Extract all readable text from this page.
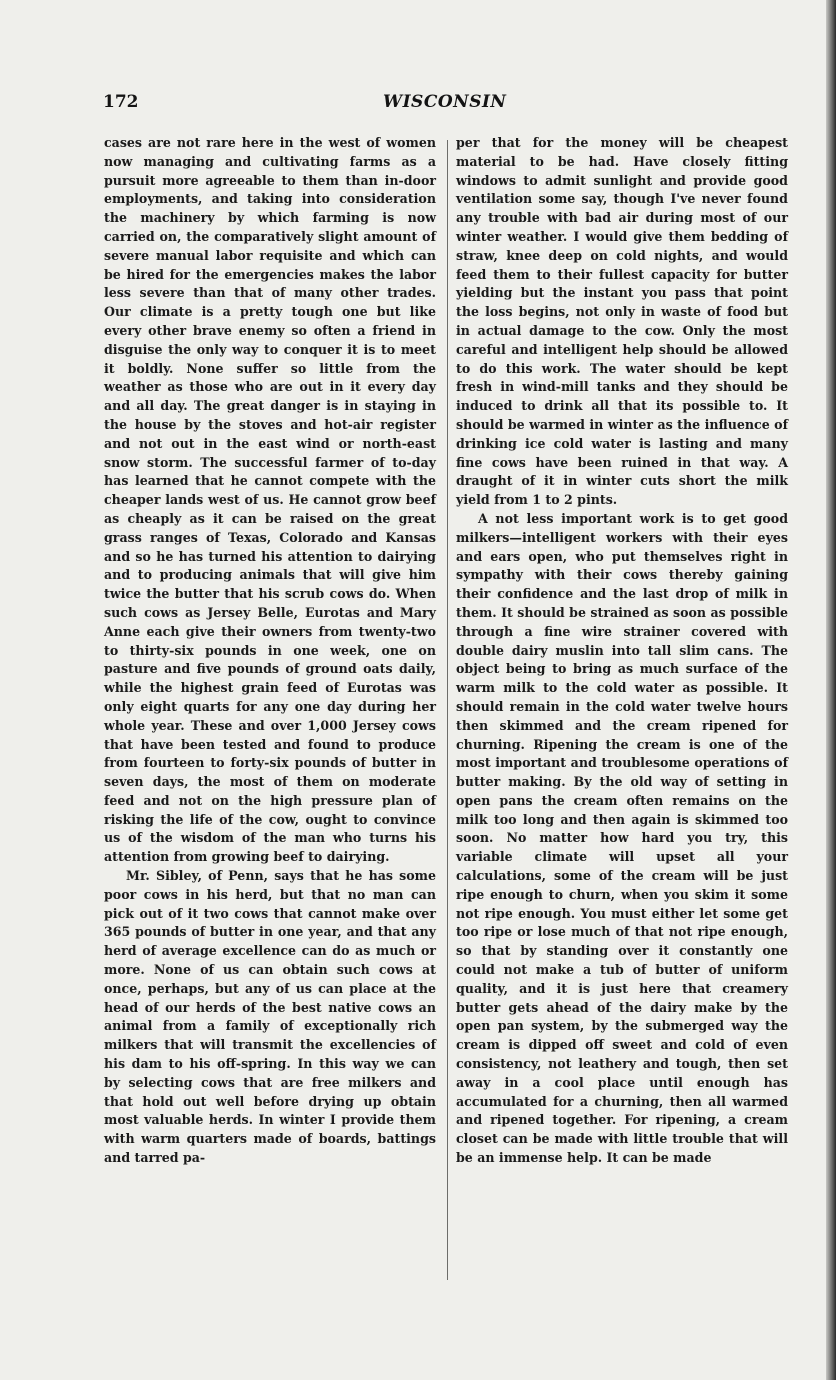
172	WISCONSIN

cases are not rare here in the west of women now managing and cultivating farms as a pursuit more agreeable to them than in-door employments, and taking into consideration the machinery by which farming is now carried on, the comparatively slight amount of severe manual labor requisite and which can be hired for the emergencies makes the labor less severe than that of many other trades. Our climate is a pretty tough one but like every other brave enemy so often a friend in disguise the only way to conquer it is to meet it boldly. None suffer so little from the weather as those who are out in it every day and all day. The great danger is in staying in the house by the stoves and hot-air register and not out in the east wind or north-east snow storm. The successful farmer of to-day has learned that he cannot compete with the cheaper lands west of us. He cannot grow beef as cheaply as it can be raised on the great grass ranges of Texas, Colorado and Kansas and so he has turned his attention to dairying and to producing animals that will give him twice the butter that his scrub cows do. When such cows as Jersey Belle, Eurotas and Mary Anne each give their owners from twenty-two to thirty-six pounds in one week, one on pasture and five pounds of ground oats daily, while the highest grain feed of Eurotas was only eight quarts for any one day during her whole year. These and over 1,000 Jersey cows that have been tested and found to produce from fourteen to forty-six pounds of butter in seven days, the most of them on moderate feed and not on the high pressure plan of risking the life of the cow, ought to convince us of the wisdom of the man who turns his attention from growing beef to dairying.

Mr. Sibley, of Penn, says that he has some poor cows in his herd, but that no man can pick out of it two cows that cannot make over 365 pounds of butter in one year, and that any herd of average excellence can do as much or more. None of us can obtain such cows at once, perhaps, but any of us can place at the head of our herds of the best native cows an animal from a family of exceptionally rich milkers that will transmit the excellencies of his dam to his off-spring. In this way we can by selecting cows that are free milkers and that hold out well before drying up obtain most valuable herds. In winter I provide them with warm quarters made of boards, battings and tarred pa-

per that for the money will be cheapest material to be had. Have closely fitting windows to admit sunlight and provide good ventilation some say, though I've never found any trouble with bad air during most of our winter weather. I would give them bedding of straw, knee deep on cold nights, and would feed them to their fullest capacity for butter yielding but the instant you pass that point the loss begins, not only in waste of food but in actual damage to the cow. Only the most careful and intelligent help should be allowed to do this work. The water should be kept fresh in wind-mill tanks and they should be induced to drink all that its possible to. It should be warmed in winter as the influence of drinking ice cold water is lasting and many fine cows have been ruined in that way. A draught of it in winter cuts short the milk yield from 1 to 2 pints.

A not less important work is to get good milkers—intelligent workers with their eyes and ears open, who put themselves right in sympathy with their cows thereby gaining their confidence and the last drop of milk in them. It should be strained as soon as possible through a fine wire strainer covered with double dairy muslin into tall slim cans. The object being to bring as much surface of the warm milk to the cold water as possible. It should remain in the cold water twelve hours then skimmed and the cream ripened for churning. Ripening the cream is one of the most important and troublesome operations of butter making. By the old way of setting in open pans the cream often remains on the milk too long and then again is skimmed too soon. No matter how hard you try, this variable climate will upset all your calculations, some of the cream will be just ripe enough to churn, when you skim it some not ripe enough. You must either let some get too ripe or lose much of that not ripe enough, so that by standing over it constantly one could not make a tub of butter of uniform quality, and it is just here that creamery butter gets ahead of the dairy make by the open pan system, by the submerged way the cream is dipped off sweet and cold of even consistency, not leathery and tough, then set away in a cool place until enough has accumulated for a churning, then all warmed and ripened together. For ripening, a cream closet can be made with little trouble that will be an immense help. It can be made
